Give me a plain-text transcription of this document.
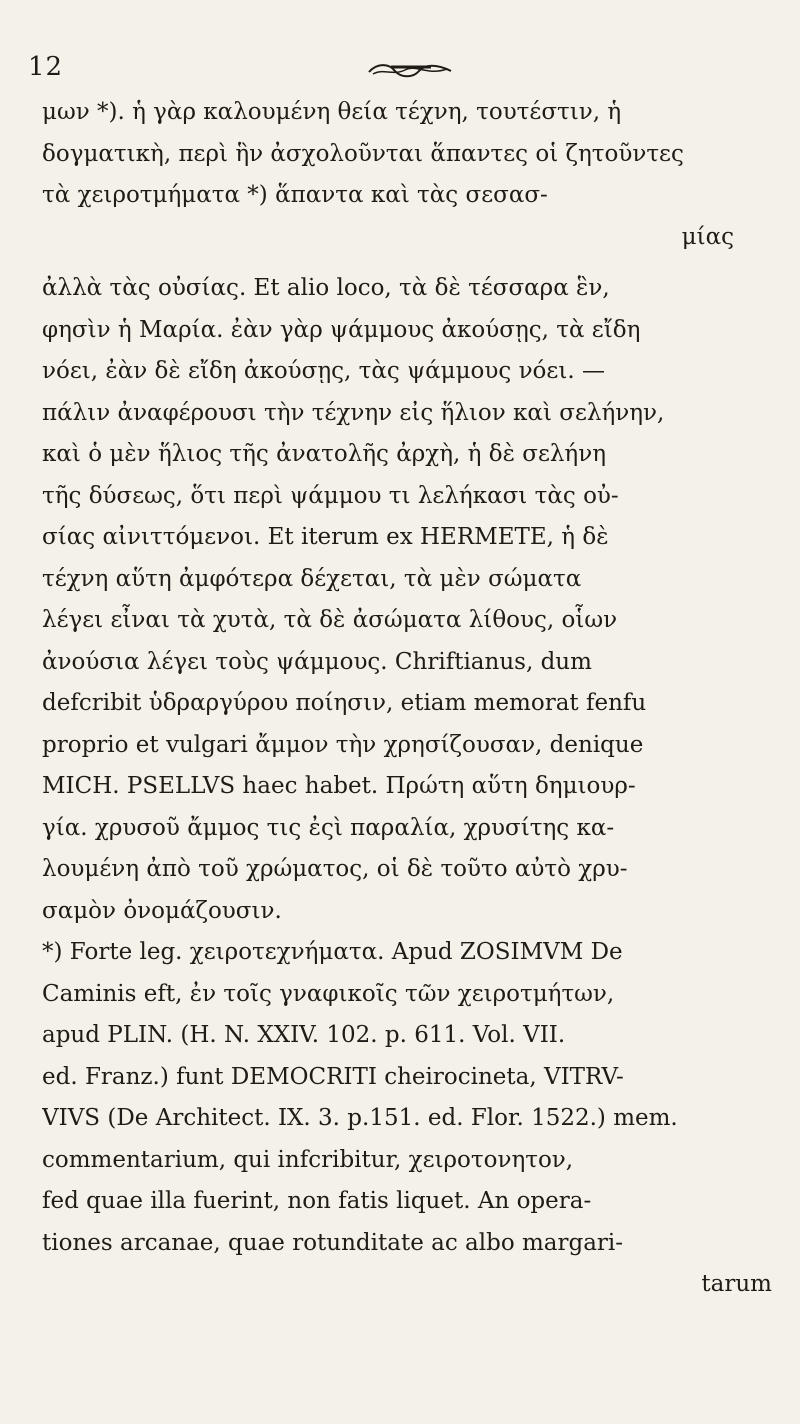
12
μων *). ἡ γὰρ καλουμένη θεία τέχνη, τουτέστιν, ἡ
δογματικὴ, περὶ ἣν ἀσχολοῦνται ἅπαντες οἱ ζητοῦντες
τὰ χειροτμήματα *) ἅπαντα καὶ τὰς σεσασ-
μίας
ἀλλὰ τὰς οὐσίας. Et alio loco, τὰ δὲ τέσσαρα ἓν,
φησὶν ἡ Μαρία. ἐὰν γὰρ ψάμμους ἀκούσῃς, τὰ εἴδη
νόει, ἐὰν δὲ εἴδη ἀκούσῃς, τὰς ψάμμους νόει. —
πάλιν ἀναφέρουσι τὴν τέχνην εἰς ἥλιον καὶ σελήνην,
καὶ ὁ μὲν ἥλιος τῆς ἀνατολῆς ἀρχὴ, ἡ δὲ σελήνη
τῆς δύσεως, ὅτι περὶ ψάμμου τι λελήκασι τὰς οὐ-
σίας αἰνιττόμενοι. Et iterum ex HERMETE, ἡ δὲ
τέχνη αὕτη ἀμφότερα δέχεται, τὰ μὲν σώματα
λέγει εἶναι τὰ χυτὰ, τὰ δὲ ἀσώματα λίθους, οἷων
ἀνούσια λέγει τοὺς ψάμμους. Chriftianus, dum
defcribit ὑδραργύρου ποίησιν, etiam memorat fenfu
proprio et vulgari ἄμμον τὴν χρησίζουσαν, denique
MICH. PSELLVS haec habet. Πρώτη αὕτη δημιουρ-
γία. χρυσοῦ ἄμμος τις ἐςὶ παραλία, χρυσίτης κα-
λουμένη ἀπὸ τοῦ χρώματος, οἱ δὲ τοῦτο αὐτὸ χρυ-
σαμὸν ὀνομάζουσιν.
*) Forte leg. χειροτεχνήματα. Apud ZOSIMVM De
Caminis eft, ἐν τοῖς γναφικοῖς τῶν χειροτμήτων,
apud PLIN. (H. N. XXIV. 102. p. 611. Vol. VII.
ed. Franz.) funt DEMOCRITI cheirocineta, VITRV-
VIVS (De Architect. IX. 3. p.151. ed. Flor. 1522.) mem.
commentarium, qui infcribitur, χειροτονητον,
fed quae illa fuerint, non fatis liquet. An opera-
tiones arcanae, quae rotunditate ac albo margari-
tarum
